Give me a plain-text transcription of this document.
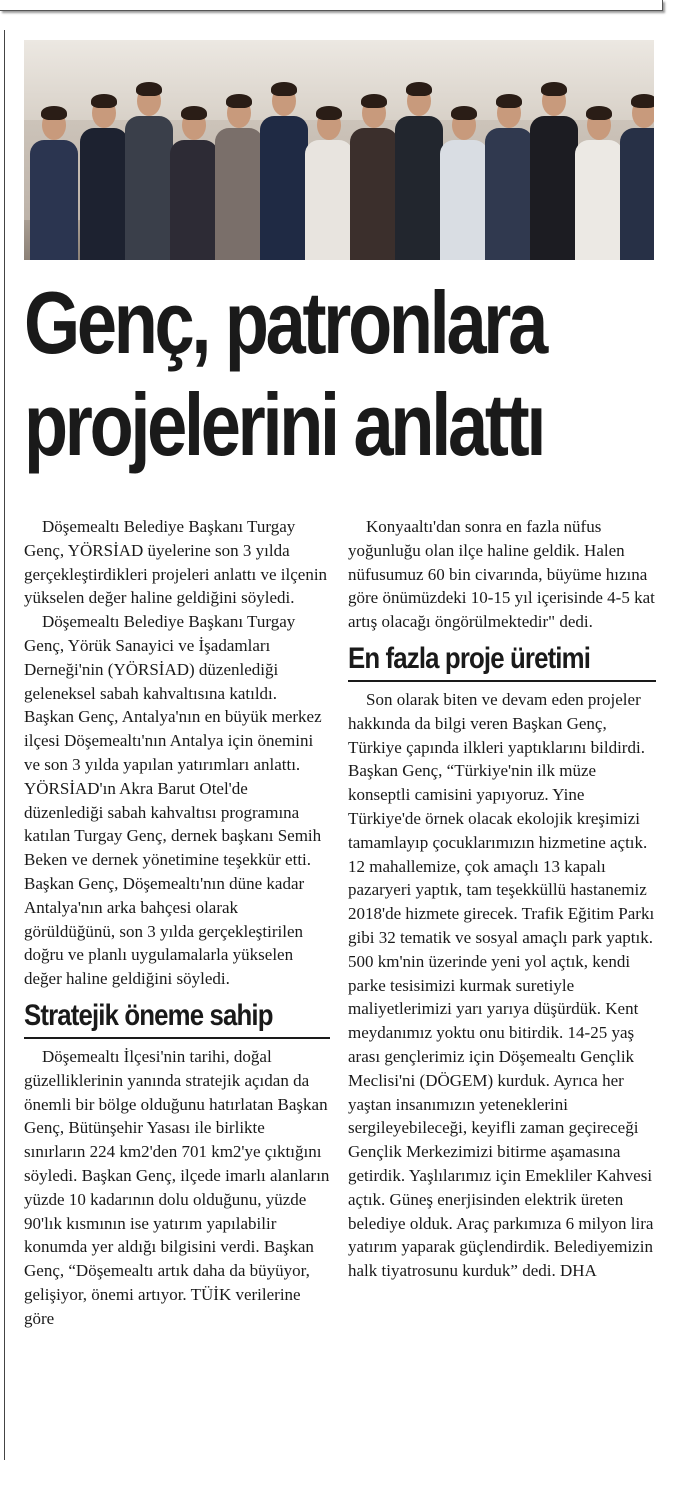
Genç, patronlara
projelerini anlattı

Döşemealtı Belediye Başkanı Turgay Genç, YÖRSİAD üyelerine son 3 yılda gerçekleştirdikleri projeleri anlattı ve ilçenin yükselen değer haline geldiğini söyledi.

Döşemealtı Belediye Başkanı Turgay Genç, Yörük Sanayici ve İşadamları Derneği'nin (YÖRSİAD) düzenlediği geleneksel sabah kahvaltısına katıldı. Başkan Genç, Antalya'nın en büyük merkez ilçesi Döşemealtı'nın Antalya için önemini ve son 3 yılda yapılan yatırımları anlattı. YÖRSİAD'ın Akra Barut Otel'de düzenlediği sabah kahvaltısı programına katılan Turgay Genç, dernek başkanı Semih Beken ve dernek yönetimine teşekkür etti. Başkan Genç, Döşemealtı'nın düne kadar Antalya'nın arka bahçesi olarak görüldüğünü, son 3 yılda gerçekleştirilen doğru ve planlı uygulamalarla yükselen değer haline geldiğini söyledi.

Stratejik öneme sahip

Döşemealtı İlçesi'nin tarihi, doğal güzelliklerinin yanında stratejik açıdan da önemli bir bölge olduğunu hatırlatan Başkan Genç, Bütünşehir Yasası ile birlikte sınırların 224 km2'den 701 km2'ye çıktığını söyledi. Başkan Genç, ilçede imarlı alanların yüzde 10 kadarının dolu olduğunu, yüzde 90'lık kısmının ise yatırım yapılabilir konumda yer aldığı bilgisini verdi. Başkan Genç, “Döşemealtı artık daha da büyüyor, gelişiyor, önemi artıyor. TÜİK verilerine göre

Konyaaltı'dan sonra en fazla nüfus yoğunluğu olan ilçe haline geldik. Halen nüfusumuz 60 bin civarında, büyüme hızına göre önümüzdeki 10-15 yıl içerisinde 4-5 kat artış olacağı öngörülmektedir" dedi.

En fazla proje üretimi

Son olarak biten ve devam eden projeler hakkında da bilgi veren Başkan Genç, Türkiye çapında ilkleri yaptıklarını bildirdi. Başkan Genç, “Türkiye'nin ilk müze konseptli camisini yapıyoruz. Yine Türkiye'de örnek olacak ekolojik kreşimizi tamamlayıp çocuklarımızın hizmetine açtık. 12 mahallemize, çok amaçlı 13 kapalı pazaryeri yaptık, tam teşekküllü hastanemiz 2018'de hizmete girecek. Trafik Eğitim Parkı gibi 32 tematik ve sosyal amaçlı park yaptık. 500 km'nin üzerinde yeni yol açtık, kendi parke tesisimizi kurmak suretiyle maliyetlerimizi yarı yarıya düşürdük. Kent meydanımız yoktu onu bitirdik. 14-25 yaş arası gençlerimiz için Döşemealtı Gençlik Meclisi'ni (DÖGEM) kurduk. Ayrıca her yaştan insanımızın yeteneklerini sergileyebileceği, keyifli zaman geçireceği Gençlik Merkezimizi bitirme aşamasına getirdik. Yaşlılarımız için Emekliler Kahvesi açtık. Güneş enerjisinden elektrik üreten belediye olduk. Araç parkımıza 6 milyon lira yatırım yaparak güçlendirdik. Belediyemizin halk tiyatrosunu kurduk” dedi. DHA
